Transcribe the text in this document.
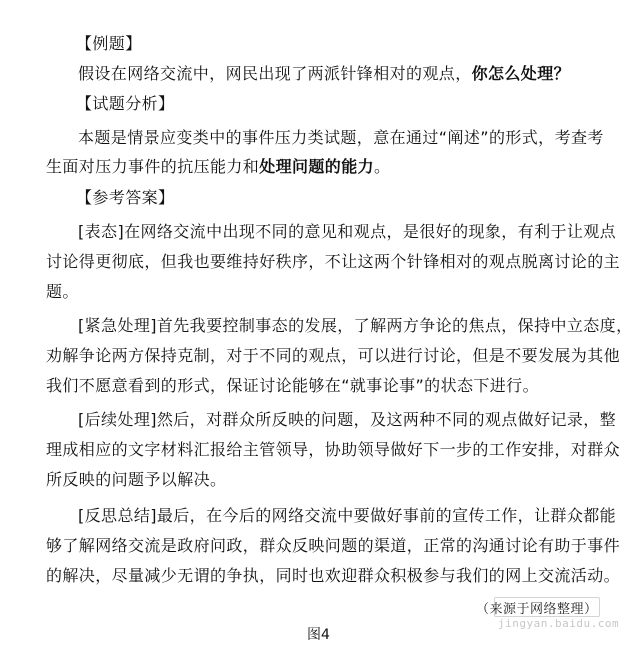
【例题】
假设在网络交流中，网民出现了两派针锋相对的观点，你怎么处理？
【试题分析】
本题是情景应变类中的事件压力类试题，意在通过“阐述”的形式，考查考
生面对压力事件的抗压能力和处理问题的能力。
【参考答案】
[表态]在网络交流中出现不同的意见和观点，是很好的现象，有利于让观点
讨论得更彻底，但我也要维持好秩序，不让这两个针锋相对的观点脱离讨论的主
题。
[紧急处理]首先我要控制事态的发展，了解两方争论的焦点，保持中立态度，
劝解争论两方保持克制，对于不同的观点，可以进行讨论，但是不要发展为其他
我们不愿意看到的形式，保证讨论能够在“就事论事”的状态下进行。
[后续处理]然后，对群众所反映的问题，及这两种不同的观点做好记录，整
理成相应的文字材料汇报给主管领导，协助领导做好下一步的工作安排，对群众
所反映的问题予以解决。
[反思总结]最后，在今后的网络交流中要做好事前的宣传工作，让群众都能
够了解网络交流是政府问政，群众反映问题的渠道，正常的沟通讨论有助于事件
的解决，尽量减少无谓的争执，同时也欢迎群众积极参与我们的网上交流活动。
（来源于网络整理）
jingyan.baidu.com
图4
